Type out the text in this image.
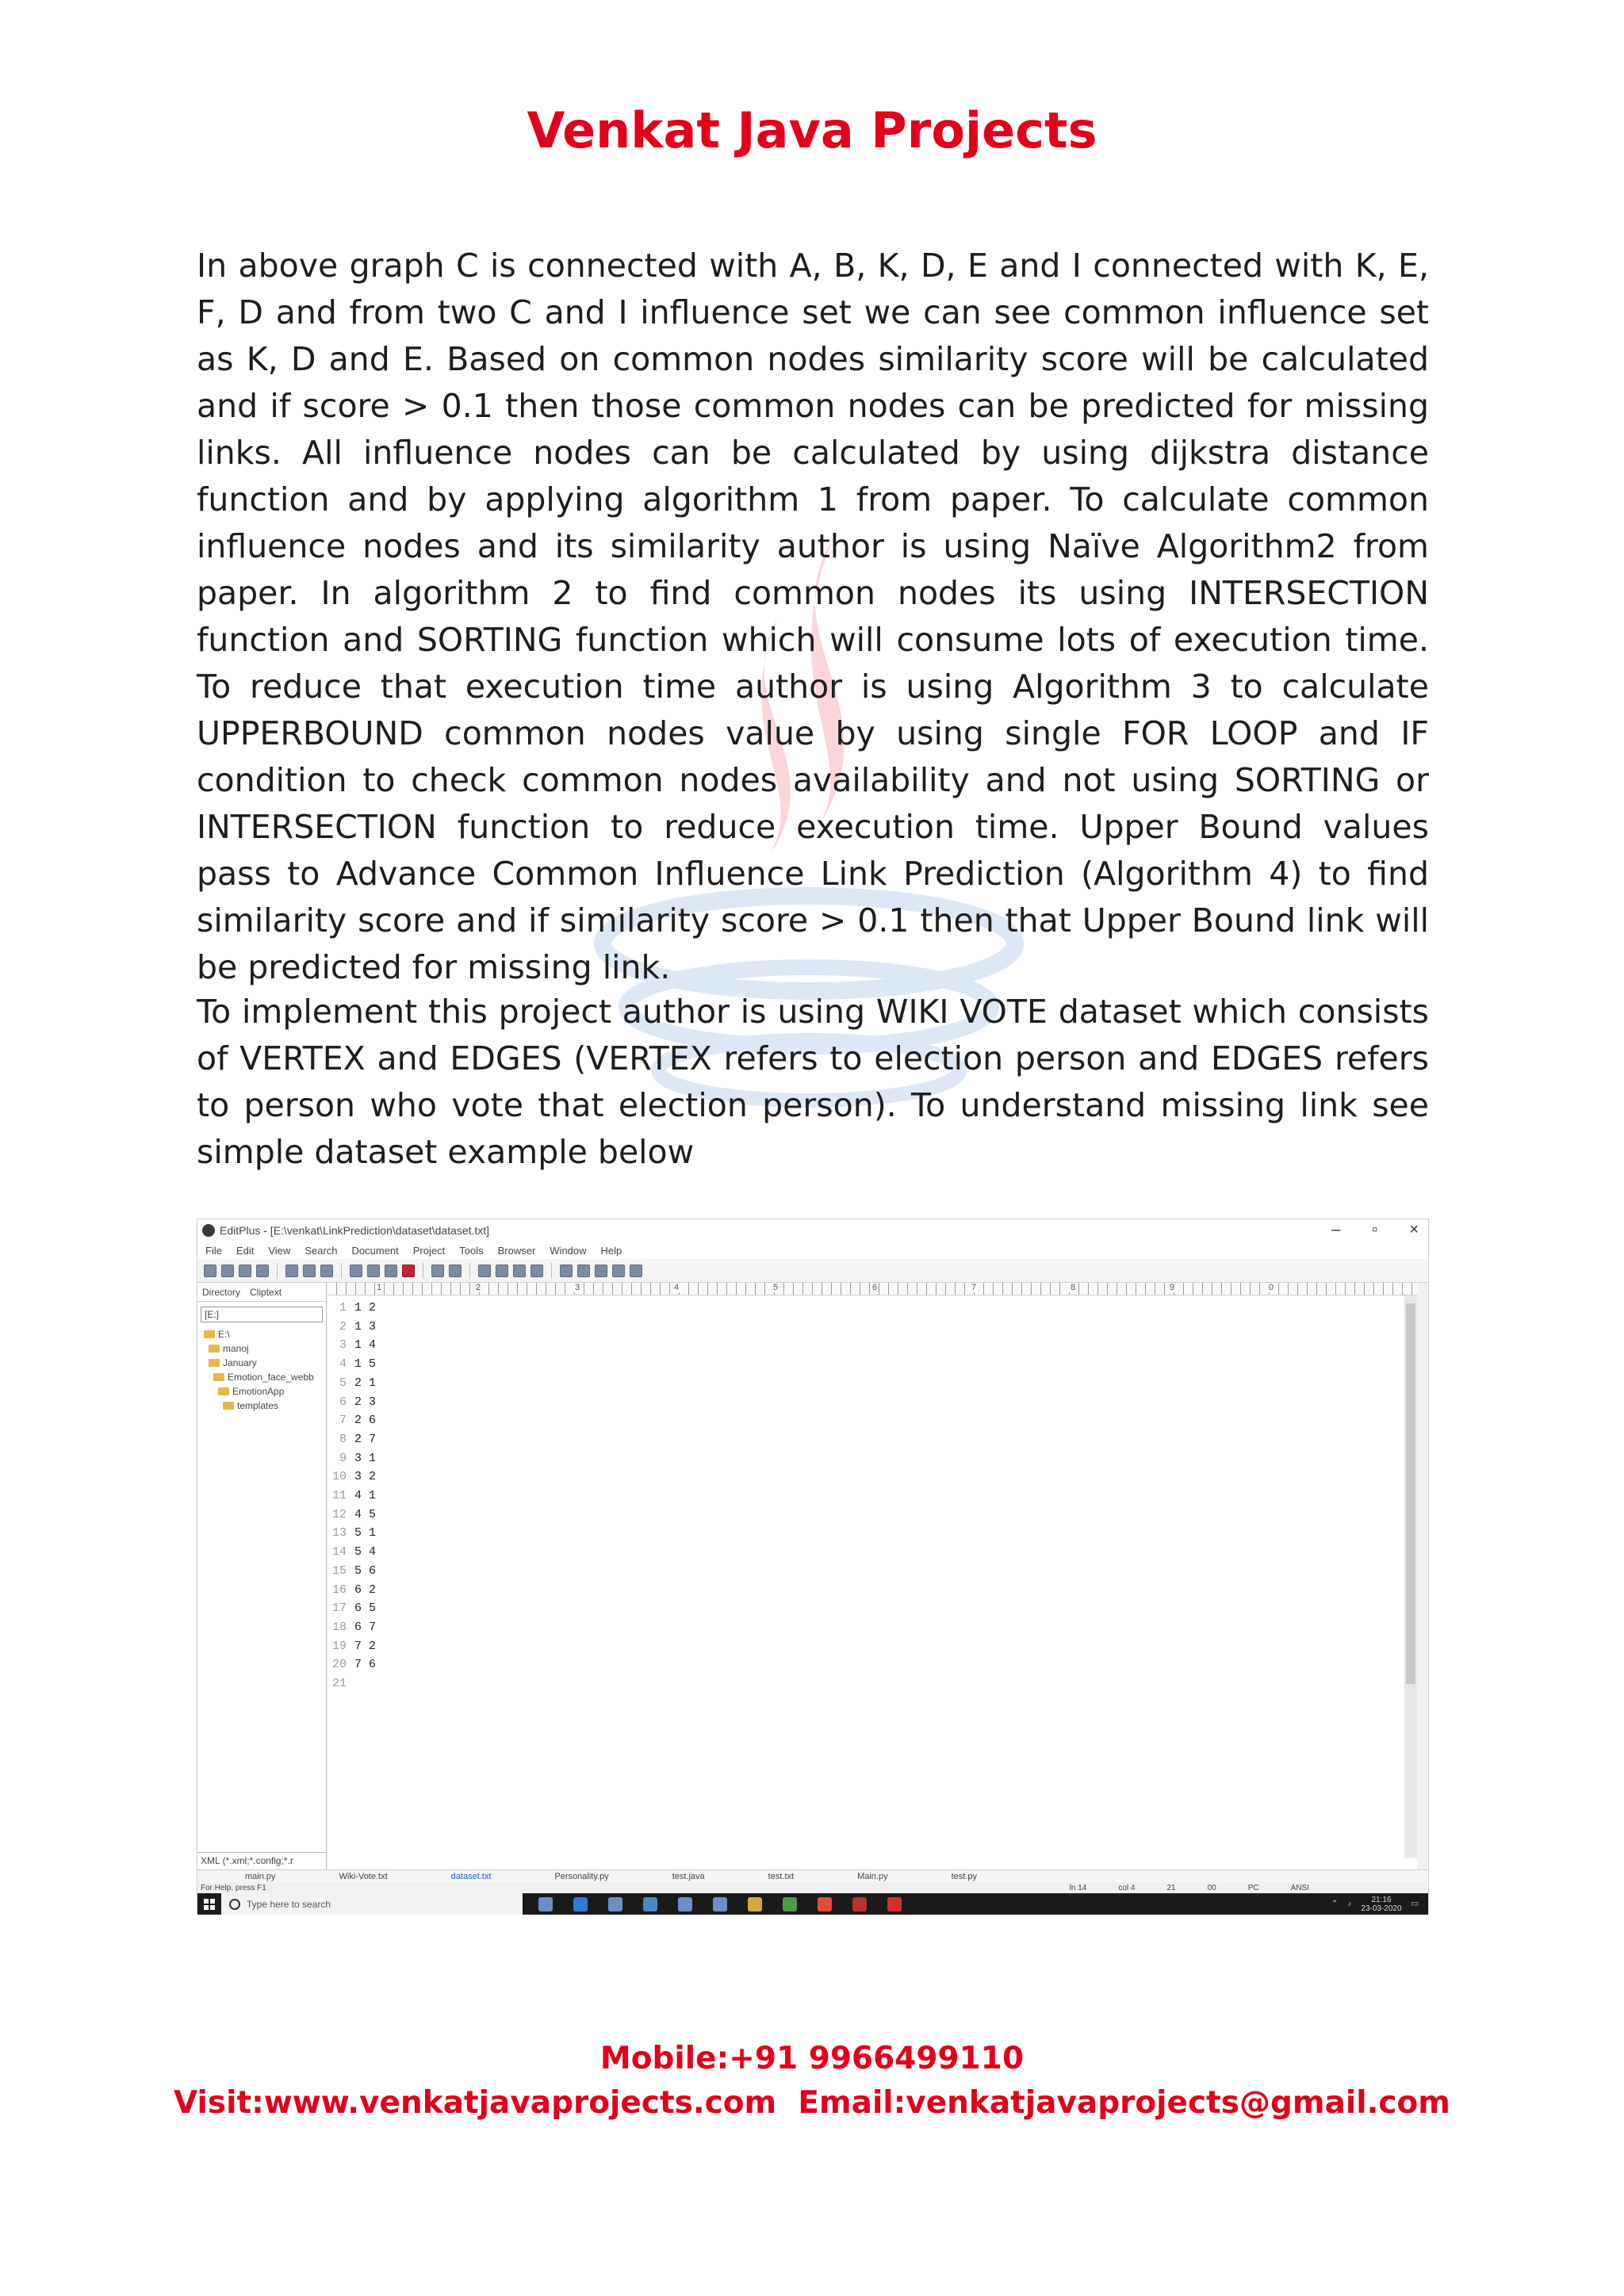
Venkat Java Projects

In above graph C is connected with A, B, K, D, E and I connected with K, E, F, D and from two C and I influence set we can see common influence set as K, D and E. Based on common nodes similarity score will be calculated and if score > 0.1 then those common nodes can be predicted for missing links. All influence nodes can be calculated by using dijkstra distance function and by applying algorithm 1 from paper. To calculate common influence nodes and its similarity author is using Naïve Algorithm2 from paper. In algorithm 2 to find common nodes its using INTERSECTION function and SORTING function which will consume lots of execution time. To reduce that execution time author is using Algorithm 3 to calculate UPPERBOUND common nodes value by using single FOR LOOP and IF condition to check common nodes availability and not using SORTING or INTERSECTION function to reduce execution time. Upper Bound values pass to Advance Common Influence Link Prediction (Algorithm 4) to find similarity score and if similarity score > 0.1 then that Upper Bound link will be predicted for missing link.

To implement this project author is using WIKI VOTE dataset which consists of VERTEX and EDGES (VERTEX refers to election person and EDGES refers to person who vote that election person). To understand missing link see simple dataset example below

EditPlus - [E:\venkat\LinkPrediction\dataset\dataset.txt]	– ▫ ×
File Edit View Search Document Project Tools Browser Window Help
Directory Cliptext
[E:]
E:\
manoj
January
Emotion_face_webb
EmotionApp
templates
XML (*.xml;*.config;*.r
1	2	3	4	5	6	7	8	9	0
1 1 2
2 1 3
3 1 4
4 1 5
5 2 1
6 2 3
7 2 6
8 2 7
9 3 1
10 3 2
11 4 1
12 4 5
13 5 1
14 5 4
15 5 6
16 6 2
17 6 5
18 6 7
19 7 2
20 7 6
21
main.py	Wiki-Vote.txt	dataset.txt	Personality.py	test.java	test.txt	Main.py	test.py
For Help, press F1	ln 14	col 4	21	00	PC	ANSI
Type here to search	⌃ ♪	21:16
23-03-2020 ▭
Mobile:+91 9966499110
Visit:www.venkatjavaprojects.com  Email:venkatjavaprojects@gmail.com
